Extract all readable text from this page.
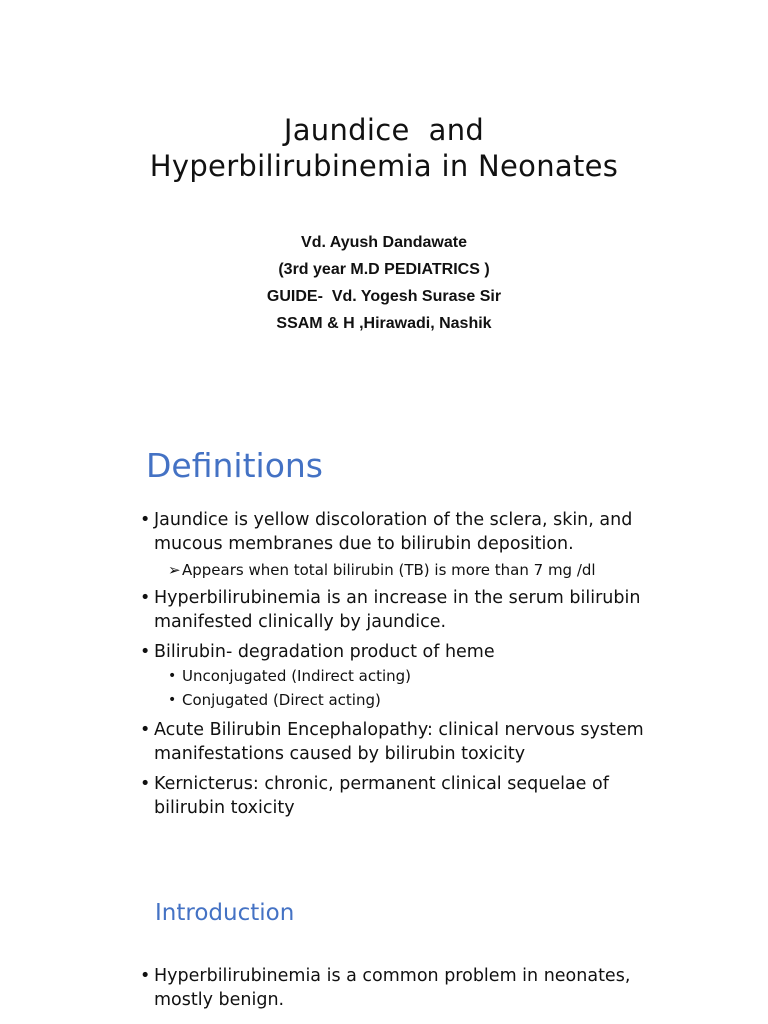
Jaundice  and
Hyperbilirubinemia in Neonates
Vd. Ayush Dandawate
(3rd year M.D PEDIATRICS )
GUIDE-  Vd. Yogesh Surase Sir
SSAM & H ,Hirawadi, Nashik
Definitions
• Jaundice is yellow discoloration of the sclera, skin, and mucous membranes due to bilirubin deposition.
➢ Appears when total bilirubin (TB) is more than 7 mg /dl
• Hyperbilirubinemia is an increase in the serum bilirubin manifested clinically by jaundice.
• Bilirubin- degradation product of heme
• Unconjugated (Indirect acting)
• Conjugated (Direct acting)
• Acute Bilirubin Encephalopathy: clinical nervous system manifestations caused by bilirubin toxicity
• Kernicterus: chronic, permanent clinical sequelae of bilirubin toxicity
Introduction
• Hyperbilirubinemia is a common problem in neonates, mostly benign.
